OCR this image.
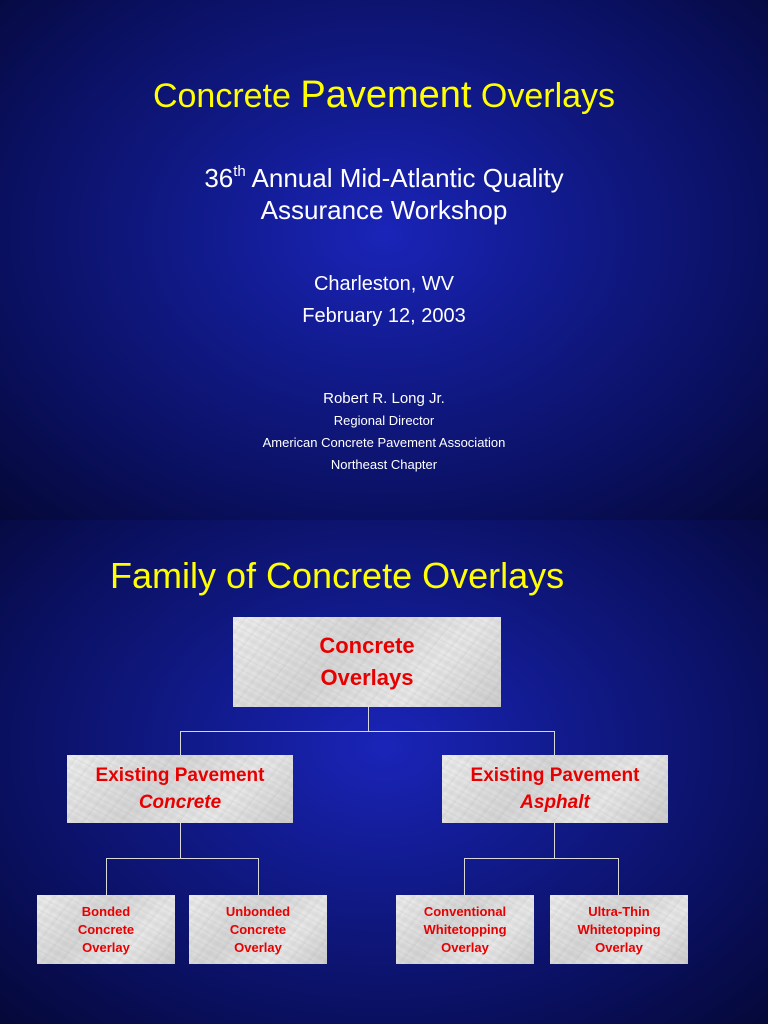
Concrete Pavement Overlays
36th Annual Mid-Atlantic Quality
Assurance Workshop
Charleston, WV
February 12, 2003
Robert R. Long Jr.
Regional Director
American Concrete Pavement Association
Northeast Chapter
Family of Concrete Overlays
Concrete
Overlays
Existing Pavement
Concrete
Existing Pavement
Asphalt
Bonded
Concrete
Overlay
Unbonded
Concrete
Overlay
Conventional
Whitetopping
Overlay
Ultra-Thin
Whitetopping
Overlay
